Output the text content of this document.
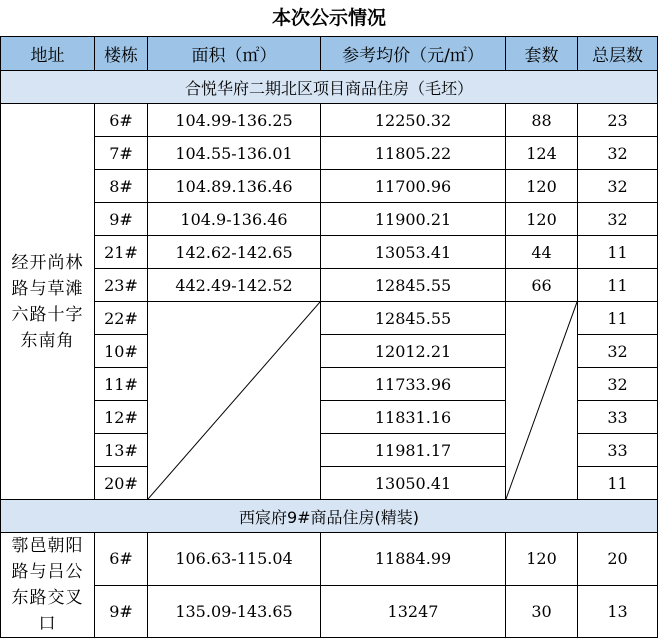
本次公示情况
地址	楼栋	面积（㎡）	参考均价（元/㎡）	套数	总层数
合悦华府二期北区项目商品住房（毛坯）					
经开尚林路与草滩六路十字东南角	6#	104.99-136.25	12250.32	88	23
	7#	104.55-136.01	11805.22	124	32
	8#	104.89.136.46	11700.96	120	32
	9#	104.9-136.46	11900.21	120	32
	21#	142.62-142.65	13053.41	44	11
	23#	442.49-142.52	12845.55	66	11
	22#		12845.55		11
	10#		12012.21		32
	11#		11733.96		32
	12#		11831.16		33
	13#		11981.17		33
	20#		13050.41		11
西宸府9#商品住房(精装)					
鄠邑朝阳路与吕公东路交叉口	6#	106.63-115.04	11884.99	120	20
	9#	135.09-143.65	13247	30	13
